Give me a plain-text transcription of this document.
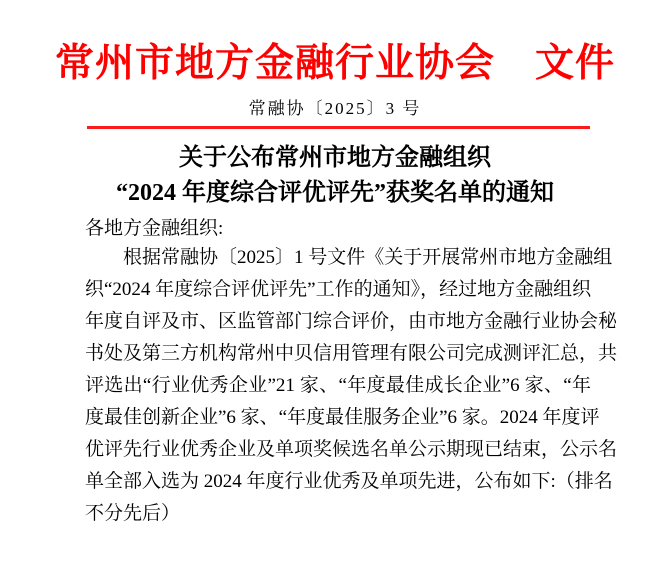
常州市地方金融行业协会　文件
常融协〔2025〕3 号
关于公布常州市地方金融组织
“2024 年度综合评优评先”获奖名单的通知
各地方金融组织:
根据常融协〔2025〕1 号文件《关于开展常州市地方金融组
织“2024 年度综合评优评先”工作的通知》，经过地方金融组织
年度自评及市、区监管部门综合评价，由市地方金融行业协会秘
书处及第三方机构常州中贝信用管理有限公司完成测评汇总，共
评选出“行业优秀企业”21 家、“年度最佳成长企业”6 家、“年
度最佳创新企业”6 家、“年度最佳服务企业”6 家。2024 年度评
优评先行业优秀企业及单项奖候选名单公示期现已结束，公示名
单全部入选为 2024 年度行业优秀及单项先进，公布如下:（排名
不分先后）
